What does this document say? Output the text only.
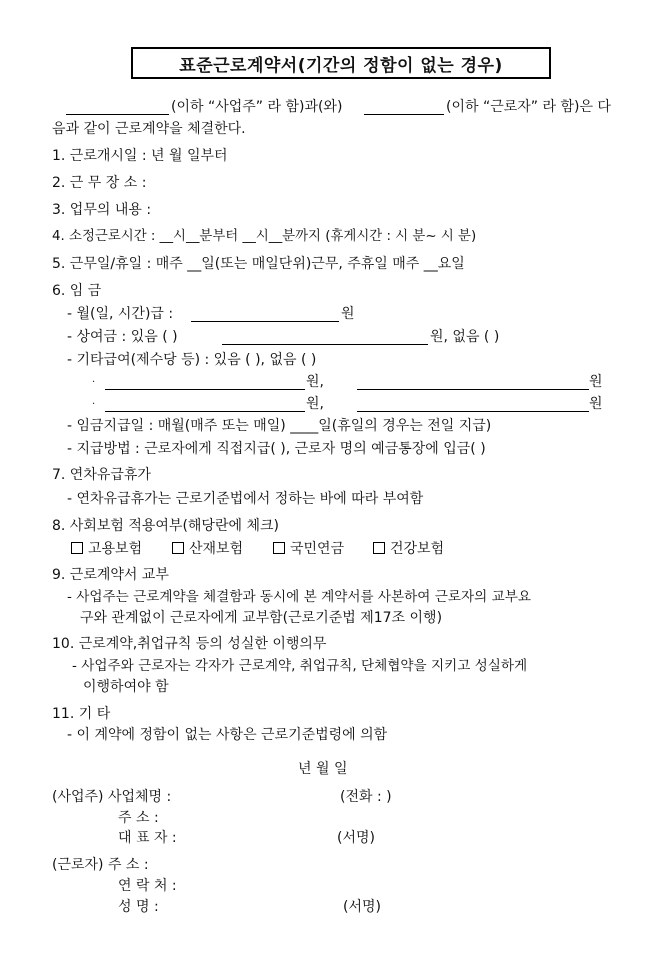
표준근로계약서(기간의 정함이 없는 경우)
(이하 “사업주” 라 함)과(와)	(이하 “근로자” 라 함)은 다
음과 같이 근로계약을 체결한다.
1. 근로개시일 : 년 월 일부터
2. 근 무 장 소 :
3. 업무의 내용 :
4. 소정근로시간 : __시__분부터 __시__분까지 (휴게시간 : 시 분~ 시 분)
5. 근무일/휴일 : 매주 __일(또는 매일단위)근무, 주휴일 매주 __요일
6. 임 금
- 월(일, 시간)급 :	원
- 상여금 : 있음 ( )	원, 없음 ( )
- 기타급여(제수당 등) : 있음 ( ), 없음 ( )
·	원,	원
·	원,	원
- 임금지급일 : 매월(매주 또는 매일) ____일(휴일의 경우는 전일 지급)
- 지급방법 : 근로자에게 직접지급( ), 근로자 명의 예금통장에 입금( )
7. 연차유급휴가
- 연차유급휴가는 근로기준법에서 정하는 바에 따라 부여함
8. 사회보험 적용여부(해당란에 체크)
고용보험	산재보험	국민연금	건강보험
9. 근로계약서 교부
- 사업주는 근로계약을 체결함과 동시에 본 계약서를 사본하여 근로자의 교부요
구와 관계없이 근로자에게 교부함(근로기준법 제17조 이행)
10. 근로계약,취업규칙 등의 성실한 이행의무
- 사업주와 근로자는 각자가 근로계약, 취업규칙, 단체협약을 지키고 성실하게
이행하여야 함
11. 기 타
- 이 계약에 정함이 없는 사항은 근로기준법령에 의함
년 월 일
(사업주) 사업체명 :	(전화 : )
주 소 :
대 표 자 :	(서명)
(근로자) 주 소 :
연 락 처 :
성 명 :	(서명)
